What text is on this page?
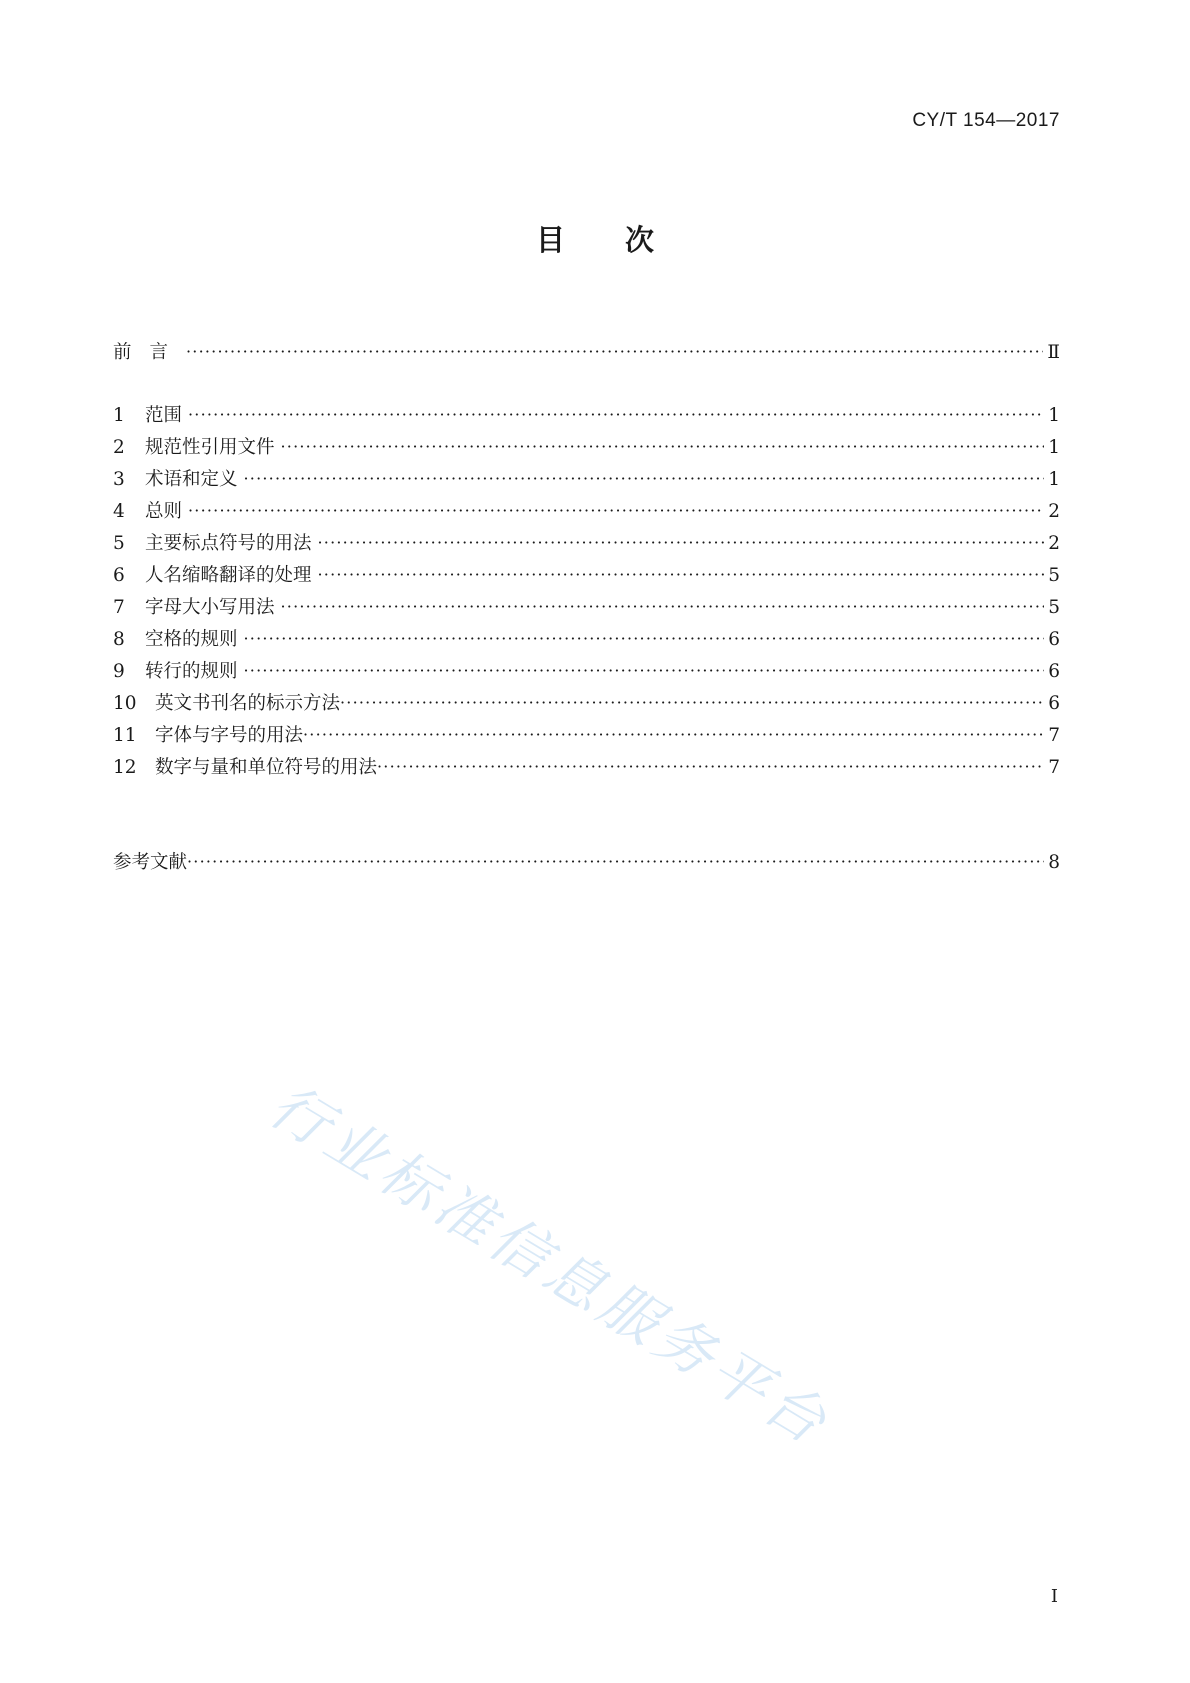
CY/T 154—2017
目次
前言 ·····	Ⅱ
1	范围 ·····	1
2	规范性引用文件 ·····	1
3	术语和定义 ·····	1
4	总则 ·····	2
5	主要标点符号的用法 ·····	2
6	人名缩略翻译的处理 ·····	5
7	字母大小写用法 ·····	5
8	空格的规则 ·····	6
9	转行的规则 ·····	6
10 英文书刊名的标示方法 ·····	6
11 字体与字号的用法 ·····	7
12 数字与量和单位符号的用法 ·····	7
参考文献 ·····	8
行业标准信息服务平台
I
